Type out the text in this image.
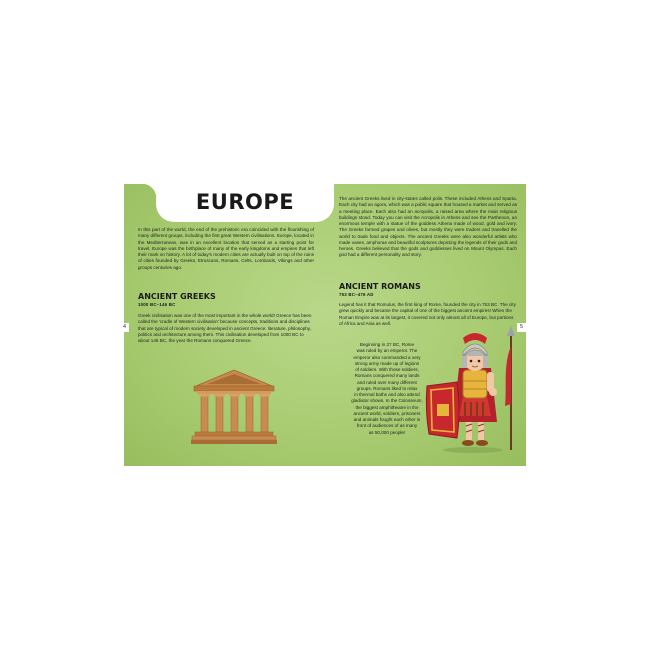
EUROPE

In this part of the world, the end of the prehistoric era coincided with the flourishing of many different groups, including the first great Western civilisations. Europe, located in the Mediterranean, was in an excellent location that served as a starting point for travel. Europe was the birthplace of many of the early kingdoms and empires that left their mark on history. A lot of today's modern cities are actually built on top of the ruins of cities founded by Greeks, Etruscans, Romans, Celts, Lombards, Vikings and other groups centuries ago.

ANCIENT GREEKS

1000 BC–146 BC

Greek civilisation was one of the most important in the whole world! Greece has been called the 'cradle of Western civilisation' because concepts, traditions and disciplines that are typical of modern society developed in ancient Greece: literature, philosophy, politics and architecture among them. This civilisation developed from 1000 BC to about 146 BC, the year the Romans conquered Greece.

4

The ancient Greeks lived in city-states called polis. These included Athens and Sparta. Each city had an agora, which was a public square that housed a market and served as a meeting place. Each also had an acropolis, a raised area where the main religious buildings stood. Today you can visit the Acropolis in Athens and see the Parthenon, an enormous temple with a statue of the goddess Athena made of wood, gold and ivory. The Greeks farmed grapes and olives, but mostly they were traders and travelled the world to trade food and objects. The ancient Greeks were also wonderful artists who made vases, amphorae and beautiful sculptures depicting the legends of their gods and heroes. Greeks believed that the gods and goddesses lived on Mount Olympus. Each god had a different personality and story.

ANCIENT ROMANS

753 BC–476 AD

Legend has it that Romulus, the first king of Rome, founded the city in 753 BC. The city grew quickly and became the capital of one of the biggest ancient empires! When the Roman Empire was at its largest, it covered not only almost all of Europe, but portions of Africa and Asia as well.

Beginning in 27 BC, Rome

was ruled by an emperor. The

emperor also commanded a very

strong army made up of legions

of soldiers. With those soldiers,

Romans conquered many lands

and ruled over many different

groups. Romans liked to relax

in thermal baths and also attend

gladiator shows. In the Colosseum,

the biggest amphitheatre in the

ancient world, soldiers, prisoners

and animals fought each other in

front of audiences of as many

as 50,000 people!

5
